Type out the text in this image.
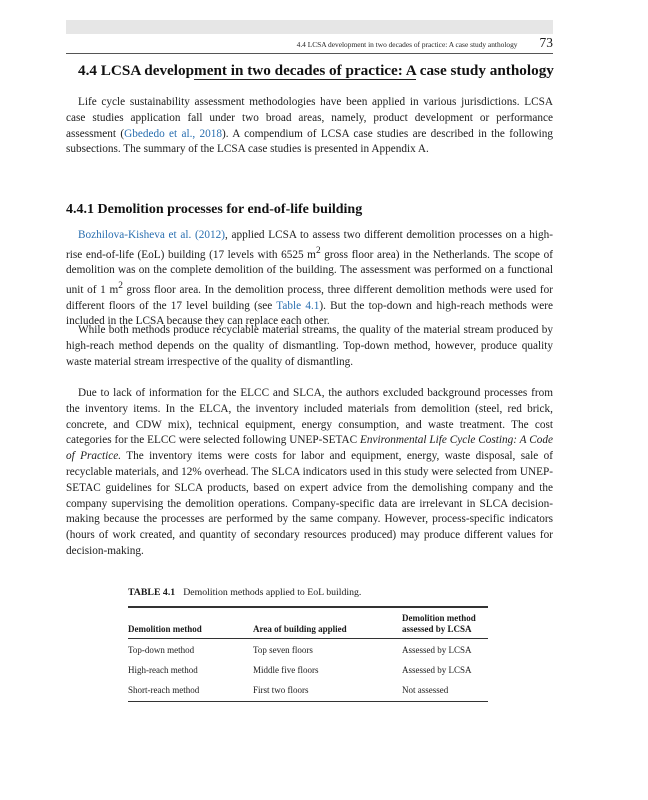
4.4 LCSA development in two decades of practice: A case study anthology 73
4.4 LCSA development in two decades of practice: A case study anthology

Life cycle sustainability assessment methodologies have been applied in various jurisdictions. LCSA case studies application fall under two broad areas, namely, product development or performance assessment (Gbededo et al., 2018). A compendium of LCSA case studies are described in the following subsections. The summary of the LCSA case studies is presented in Appendix A.

4.4.1 Demolition processes for end-of-life building

Bozhilova-Kisheva et al. (2012), applied LCSA to assess two different demolition processes on a high-rise end-of-life (EoL) building (17 levels with 6525 $m^2$ gross floor area) in the Netherlands. The scope of demolition was on the complete demolition of the building. The assessment was performed on a functional unit of 1 $m^2$ gross floor area. In the demolition process, three different demolition methods were used for different floors of the 17 level building (see Table 4.1). But the top-down and high-reach methods were included in the LCSA because they can replace each other.

While both methods produce recyclable material streams, the quality of the material stream produced by high-reach method depends on the quality of dismantling. Top-down method, however, produce quality waste material stream irrespective of the quality of dismantling.

Due to lack of information for the ELCC and SLCA, the authors excluded background processes from the inventory items. In the ELCA, the inventory included materials from demolition (steel, red brick, concrete, and CDW mix), technical equipment, energy consumption, and waste treatment. The cost categories for the ELCC were selected following UNEP-SETAC Environmental Life Cycle Costing: A Code of Practice. The inventory items were costs for labor and equipment, energy, waste disposal, sale of recyclable materials, and 12% overhead. The SLCA indicators used in this study were selected from UNEP-SETAC guidelines for SLCA products, based on expert advice from the demolishing company and the company supervising the demolition operations. Company-specific data are irrelevant in SLCA decision-making because the processes are performed by the same company. However, process-specific indicators (hours of work created, and quantity of secondary resources produced) may produce different values for decision-making.

TABLE 4.1 Demolition methods applied to EoL building.
Demolition method	Area of building applied	Demolition method assessed by LCSA
Top-down method	Top seven floors	Assessed by LCSA
High-reach method	Middle five floors	Assessed by LCSA
Short-reach method	First two floors	Not assessed
